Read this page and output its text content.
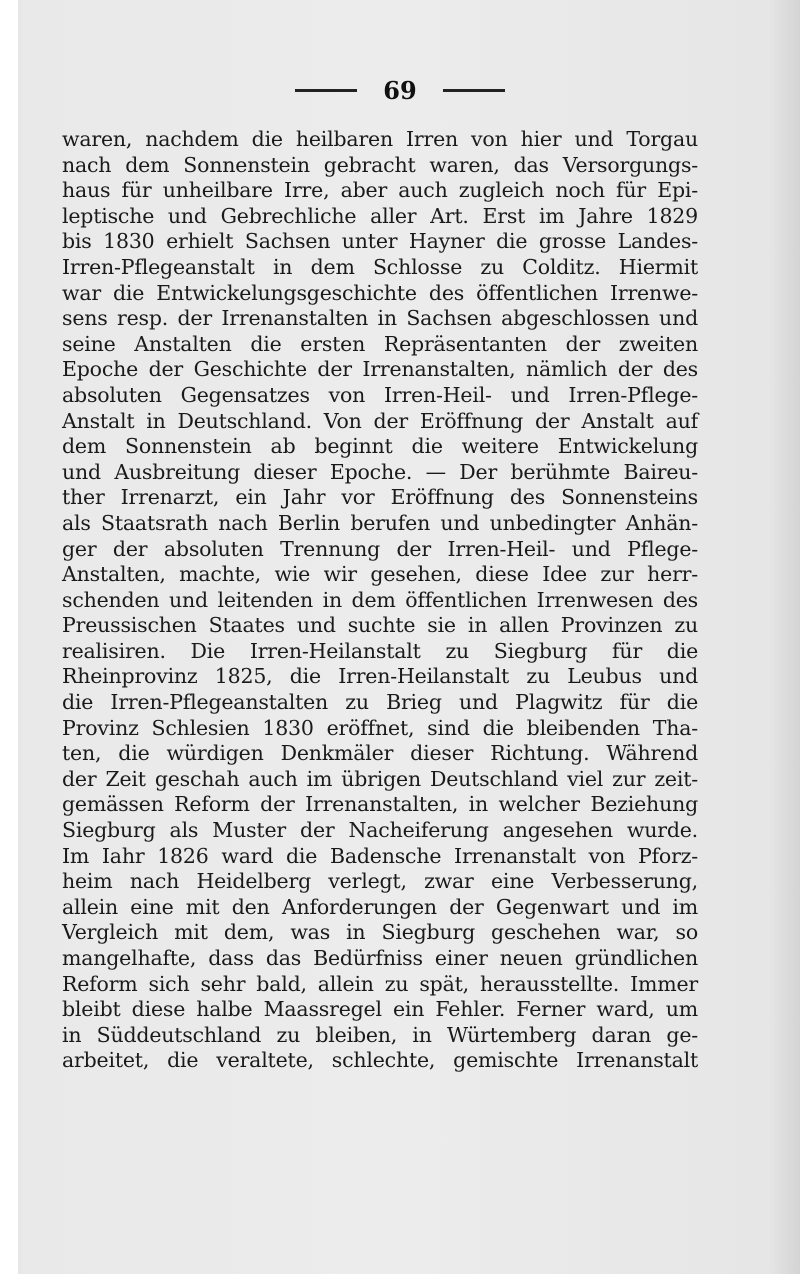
69
waren, nachdem die heilbaren Irren von hier und Torgau
nach dem Sonnenstein gebracht waren, das Versorgungs-
haus für unheilbare Irre, aber auch zugleich noch für Epi-
leptische und Gebrechliche aller Art. Erst im Jahre 1829
bis 1830 erhielt Sachsen unter Hayner die grosse Landes-
Irren-Pflegeanstalt in dem Schlosse zu Colditz. Hiermit
war die Entwickelungsgeschichte des öffentlichen Irrenwe-
sens resp. der Irrenanstalten in Sachsen abgeschlossen und
seine Anstalten die ersten Repräsentanten der zweiten
Epoche der Geschichte der Irrenanstalten, nämlich der des
absoluten Gegensatzes von Irren-Heil- und Irren-Pflege-
Anstalt in Deutschland. Von der Eröffnung der Anstalt auf
dem Sonnenstein ab beginnt die weitere Entwickelung
und Ausbreitung dieser Epoche. — Der berühmte Baireu-
ther Irrenarzt, ein Jahr vor Eröffnung des Sonnensteins
als Staatsrath nach Berlin berufen und unbedingter Anhän-
ger der absoluten Trennung der Irren-Heil- und Pflege-
Anstalten, machte, wie wir gesehen, diese Idee zur herr-
schenden und leitenden in dem öffentlichen Irrenwesen des
Preussischen Staates und suchte sie in allen Provinzen zu
realisiren. Die Irren-Heilanstalt zu Siegburg für die
Rheinprovinz 1825, die Irren-Heilanstalt zu Leubus und
die Irren-Pflegeanstalten zu Brieg und Plagwitz für die
Provinz Schlesien 1830 eröffnet, sind die bleibenden Tha-
ten, die würdigen Denkmäler dieser Richtung. Während
der Zeit geschah auch im übrigen Deutschland viel zur zeit-
gemässen Reform der Irrenanstalten, in welcher Beziehung
Siegburg als Muster der Nacheiferung angesehen wurde.
Im Iahr 1826 ward die Badensche Irrenanstalt von Pforz-
heim nach Heidelberg verlegt, zwar eine Verbesserung,
allein eine mit den Anforderungen der Gegenwart und im
Vergleich mit dem, was in Siegburg geschehen war, so
mangelhafte, dass das Bedürfniss einer neuen gründlichen
Reform sich sehr bald, allein zu spät, herausstellte. Immer
bleibt diese halbe Maassregel ein Fehler. Ferner ward, um
in Süddeutschland zu bleiben, in Würtemberg daran ge-
arbeitet, die veraltete, schlechte, gemischte Irrenanstalt
